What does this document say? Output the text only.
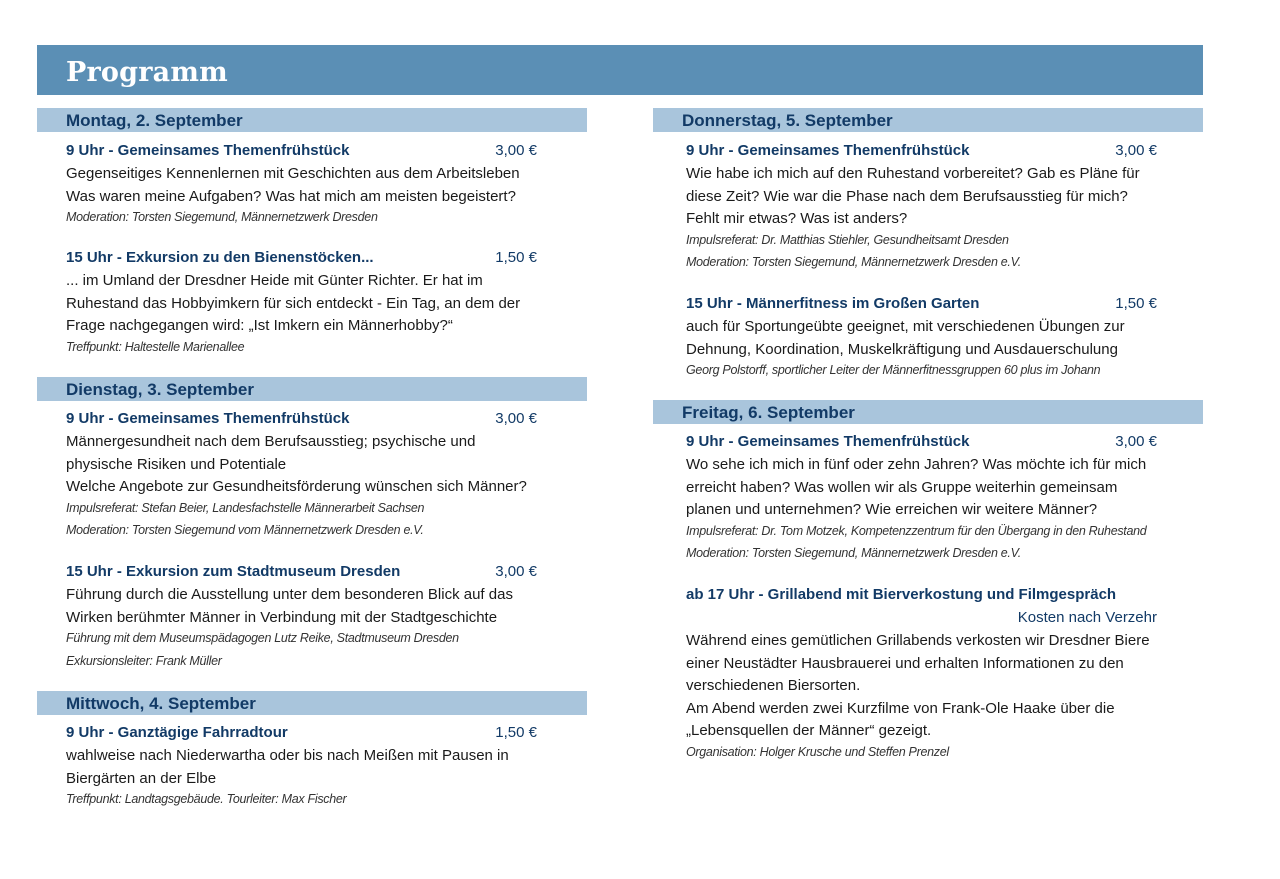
Programm
Montag, 2. September
9 Uhr - Gemeinsames Themenfrühstück	3,00 €
Gegenseitiges Kennenlernen mit Geschichten aus dem Arbeitsleben
Was waren meine Aufgaben? Was hat mich am meisten begeistert?
Moderation: Torsten Siegemund, Männernetzwerk Dresden
15 Uhr - Exkursion zu den Bienenstöcken...	1,50 €
... im Umland der Dresdner Heide mit Günter Richter. Er hat im
Ruhestand das Hobbyimkern für sich entdeckt - Ein Tag, an dem der
Frage nachgegangen wird: „Ist Imkern ein Männerhobby?“
Treffpunkt: Haltestelle Marienallee
Dienstag, 3. September
9 Uhr - Gemeinsames Themenfrühstück	3,00 €
Männergesundheit nach dem Berufsausstieg; psychische und
physische Risiken und Potentiale
Welche Angebote zur Gesundheitsförderung wünschen sich Männer?
Impulsreferat: Stefan Beier, Landesfachstelle Männerarbeit Sachsen
Moderation: Torsten Siegemund vom Männernetzwerk Dresden e.V.
15 Uhr - Exkursion zum Stadtmuseum Dresden	3,00 €
Führung durch die Ausstellung unter dem besonderen Blick auf das
Wirken berühmter Männer in Verbindung mit der Stadtgeschichte
Führung mit dem Museumspädagogen Lutz Reike, Stadtmuseum Dresden
Exkursionsleiter: Frank Müller
Mittwoch, 4. September
9 Uhr - Ganztägige Fahrradtour	1,50 €
wahlweise nach Niederwartha oder bis nach Meißen mit Pausen in
Biergärten an der Elbe
Treffpunkt: Landtagsgebäude. Tourleiter: Max Fischer
Donnerstag, 5. September
9 Uhr - Gemeinsames Themenfrühstück	3,00 €
Wie habe ich mich auf den Ruhestand vorbereitet? Gab es Pläne für
diese Zeit? Wie war die Phase nach dem Berufsausstieg für mich?
Fehlt mir etwas? Was ist anders?
Impulsreferat: Dr. Matthias Stiehler, Gesundheitsamt Dresden
Moderation: Torsten Siegemund, Männernetzwerk Dresden e.V.
15 Uhr - Männerfitness im Großen Garten	1,50 €
auch für Sportungeübte geeignet, mit verschiedenen Übungen zur
Dehnung, Koordination, Muskelkräftigung und Ausdauerschulung
Georg Polstorff, sportlicher Leiter der Männerfitnessgruppen 60 plus im Johann
Freitag, 6. September
9 Uhr - Gemeinsames Themenfrühstück	3,00 €
Wo sehe ich mich in fünf oder zehn Jahren? Was möchte ich für mich
erreicht haben? Was wollen wir als Gruppe weiterhin gemeinsam
planen und unternehmen? Wie erreichen wir weitere Männer?
Impulsreferat: Dr. Tom Motzek, Kompetenzzentrum für den Übergang in den Ruhestand
Moderation: Torsten Siegemund, Männernetzwerk Dresden e.V.
ab 17 Uhr - Grillabend mit Bierverkostung und Filmgespräch
Kosten nach Verzehr
Während eines gemütlichen Grillabends verkosten wir Dresdner Biere
einer Neustädter Hausbrauerei und erhalten Informationen zu den
verschiedenen Biersorten.
Am Abend werden zwei Kurzfilme von Frank-Ole Haake über die
„Lebensquellen der Männer“ gezeigt.
Organisation: Holger Krusche und Steffen Prenzel
